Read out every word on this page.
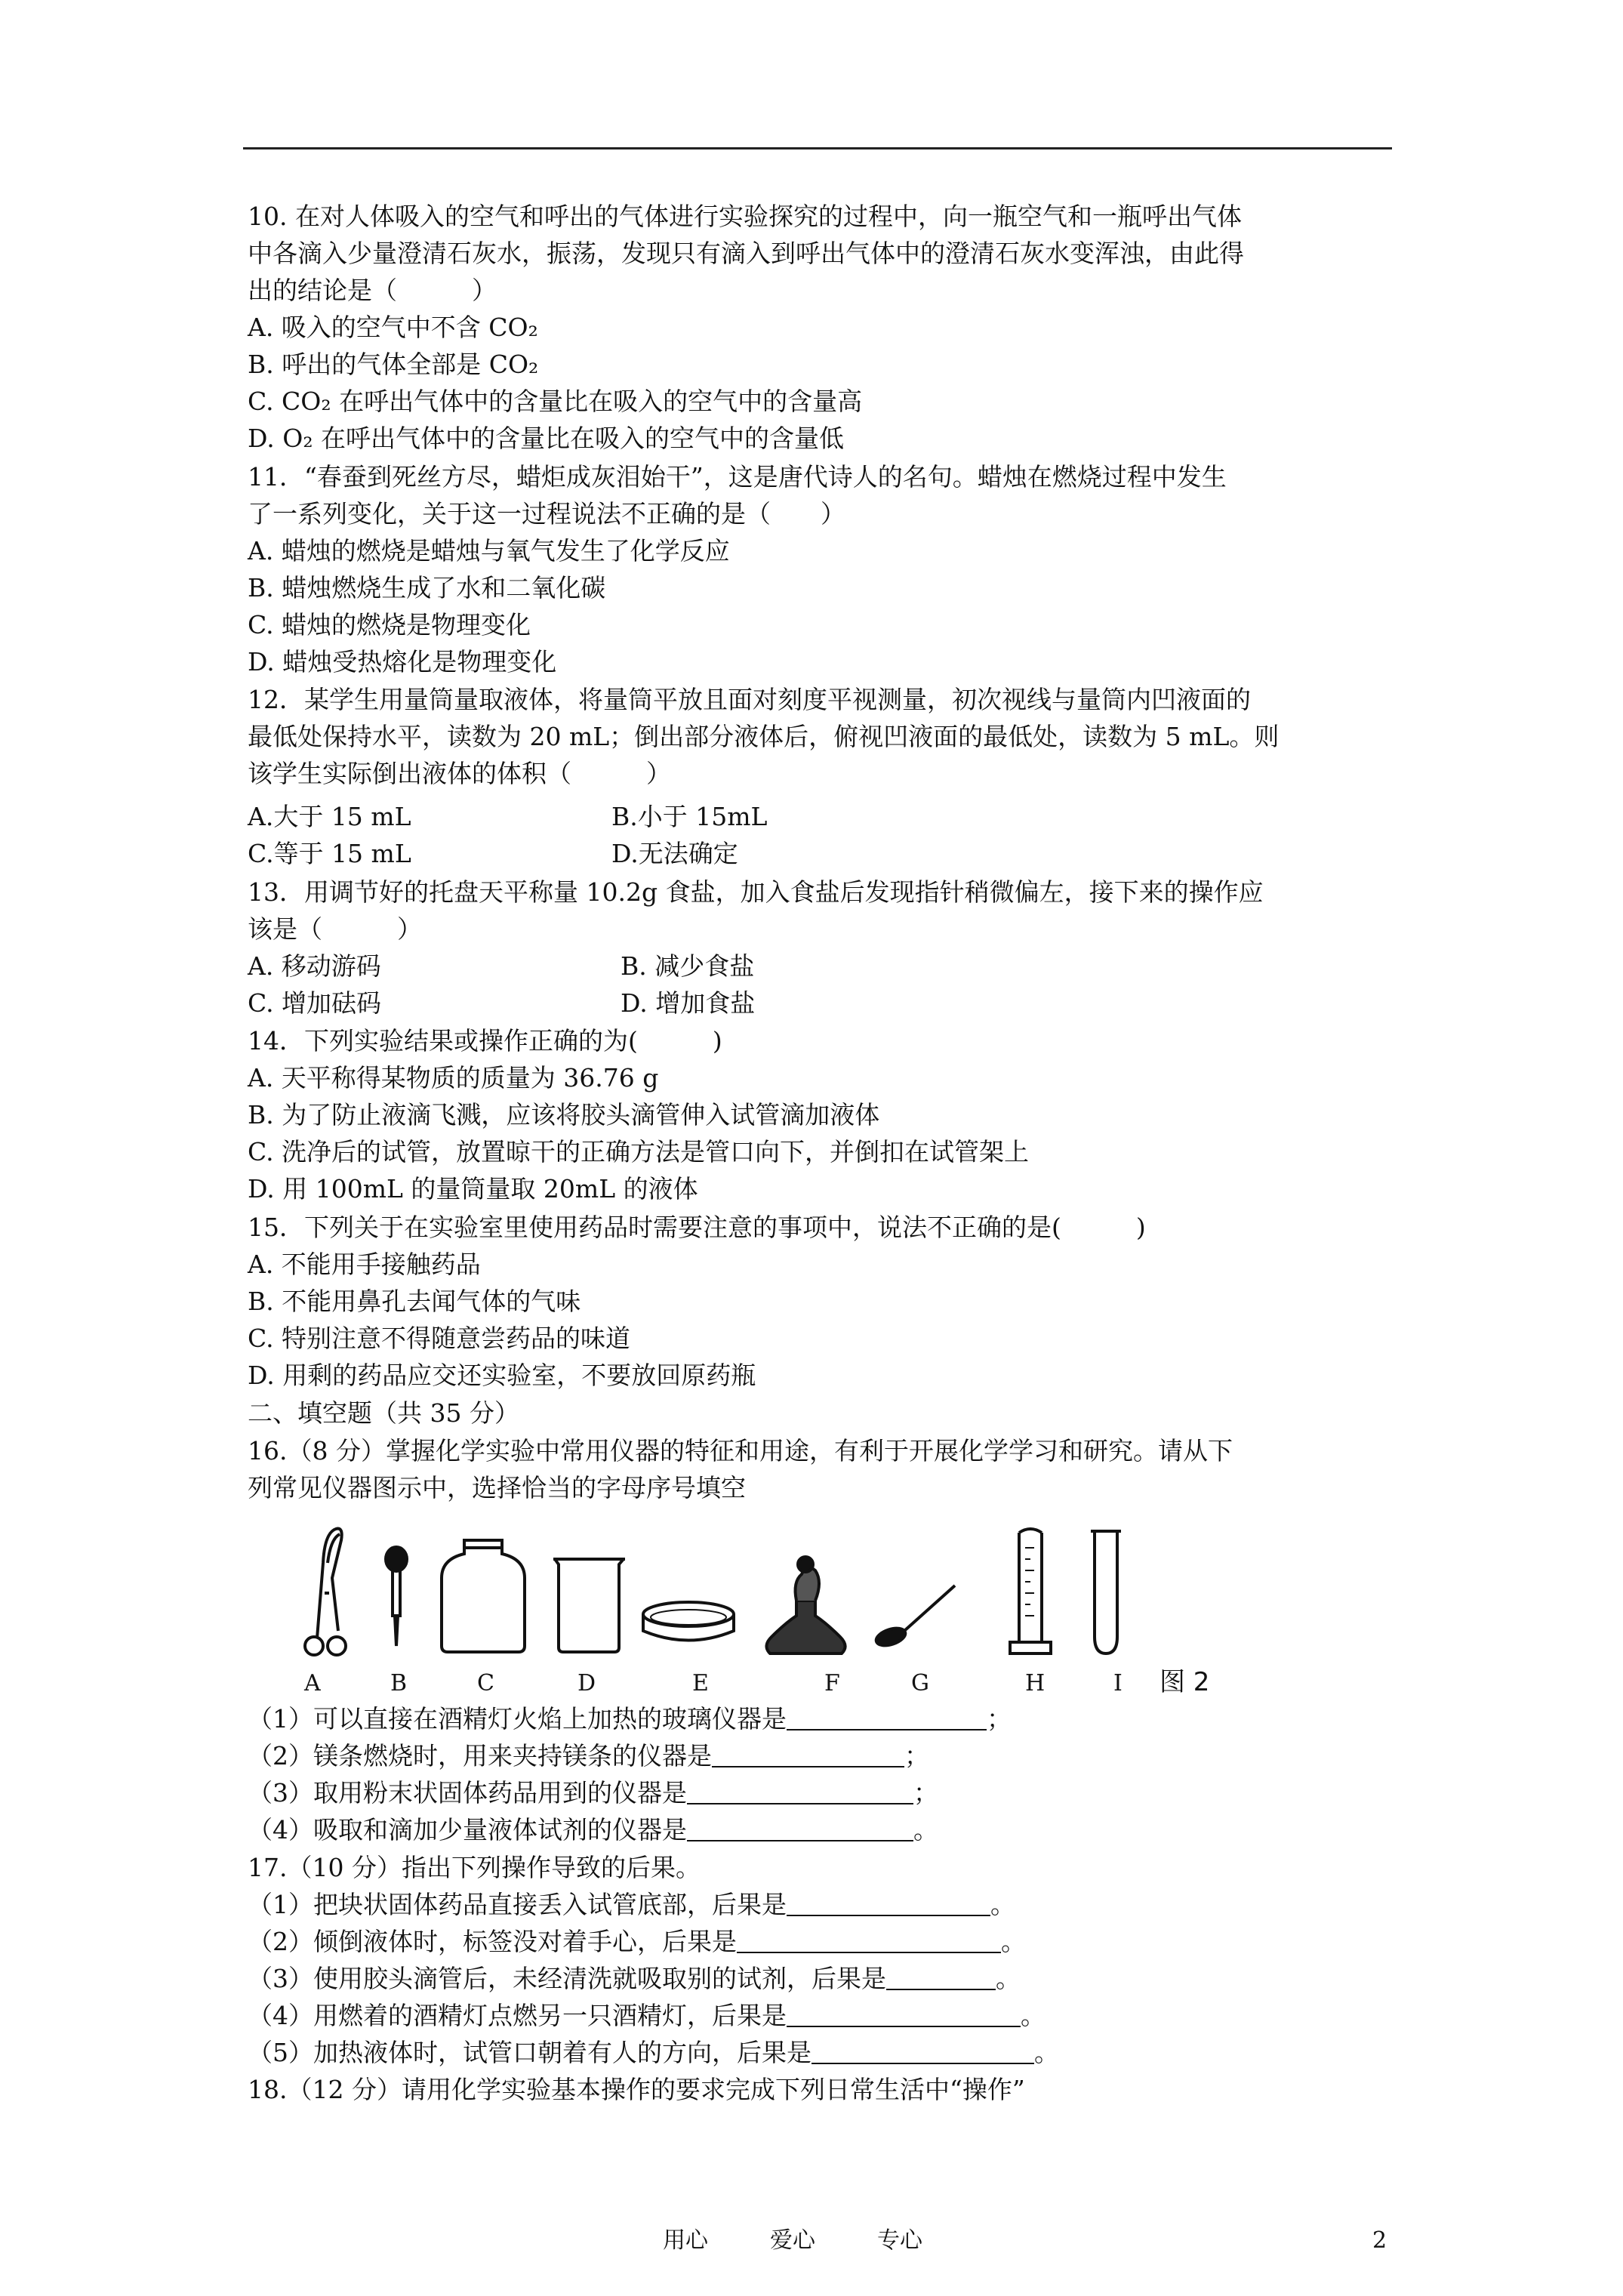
10. 在对人体吸入的空气和呼出的气体进行实验探究的过程中，向一瓶空气和一瓶呼出气体
中各滴入少量澄清石灰水，振荡，发现只有滴入到呼出气体中的澄清石灰水变浑浊，由此得
出的结论是（　　　）
A. 吸入的空气中不含 CO₂
B. 呼出的气体全部是 CO₂
C. CO₂ 在呼出气体中的含量比在吸入的空气中的含量高
D. O₂ 在呼出气体中的含量比在吸入的空气中的含量低
11．“春蚕到死丝方尽，蜡炬成灰泪始干”，这是唐代诗人的名句。蜡烛在燃烧过程中发生
了一系列变化，关于这一过程说法不正确的是（　　）
A. 蜡烛的燃烧是蜡烛与氧气发生了化学反应
B. 蜡烛燃烧生成了水和二氧化碳
C. 蜡烛的燃烧是物理变化
D. 蜡烛受热熔化是物理变化
12．某学生用量筒量取液体，将量筒平放且面对刻度平视测量，初次视线与量筒内凹液面的
最低处保持水平，读数为 20 mL；倒出部分液体后，俯视凹液面的最低处，读数为 5 mL。则
该学生实际倒出液体的体积（　　　）
A.大于 15 mL	B.小于 15mL
C.等于 15 mL	D.无法确定
13．用调节好的托盘天平称量 10.2g 食盐，加入食盐后发现指针稍微偏左，接下来的操作应
该是（　　　）
A. 移动游码	B. 减少食盐
C. 增加砝码	D. 增加食盐
14．下列实验结果或操作正确的为(　　　)
A. 天平称得某物质的质量为 36.76 g
B. 为了防止液滴飞溅，应该将胶头滴管伸入试管滴加液体
C. 洗净后的试管，放置晾干的正确方法是管口向下，并倒扣在试管架上
D. 用 100mL 的量筒量取 20mL 的液体
15．下列关于在实验室里使用药品时需要注意的事项中，说法不正确的是(　　　)
A. 不能用手接触药品
B. 不能用鼻孔去闻气体的气味
C. 特别注意不得随意尝药品的味道
D. 用剩的药品应交还实验室，不要放回原药瓶
二、填空题（共 35 分）
16.（8 分）掌握化学实验中常用仪器的特征和用途，有利于开展化学学习和研究。请从下
列常见仪器图示中，选择恰当的字母序号填空
A	B	C	D	E	F	G	H	I 图 2
（1）可以直接在酒精灯火焰上加热的玻璃仪器是	；
（2）镁条燃烧时，用来夹持镁条的仪器是	；
（3）取用粉末状固体药品用到的仪器是	；
（4）吸取和滴加少量液体试剂的仪器是	。
17.（10 分）指出下列操作导致的后果。
（1）把块状固体药品直接丢入试管底部，后果是	。
（2）倾倒液体时，标签没对着手心，后果是	。
（3）使用胶头滴管后，未经清洗就吸取别的试剂，后果是	。
（4）用燃着的酒精灯点燃另一只酒精灯，后果是	。
（5）加热液体时，试管口朝着有人的方向，后果是	。
18.（12 分）请用化学实验基本操作的要求完成下列日常生活中“操作”
用心	爱心	专心	2
